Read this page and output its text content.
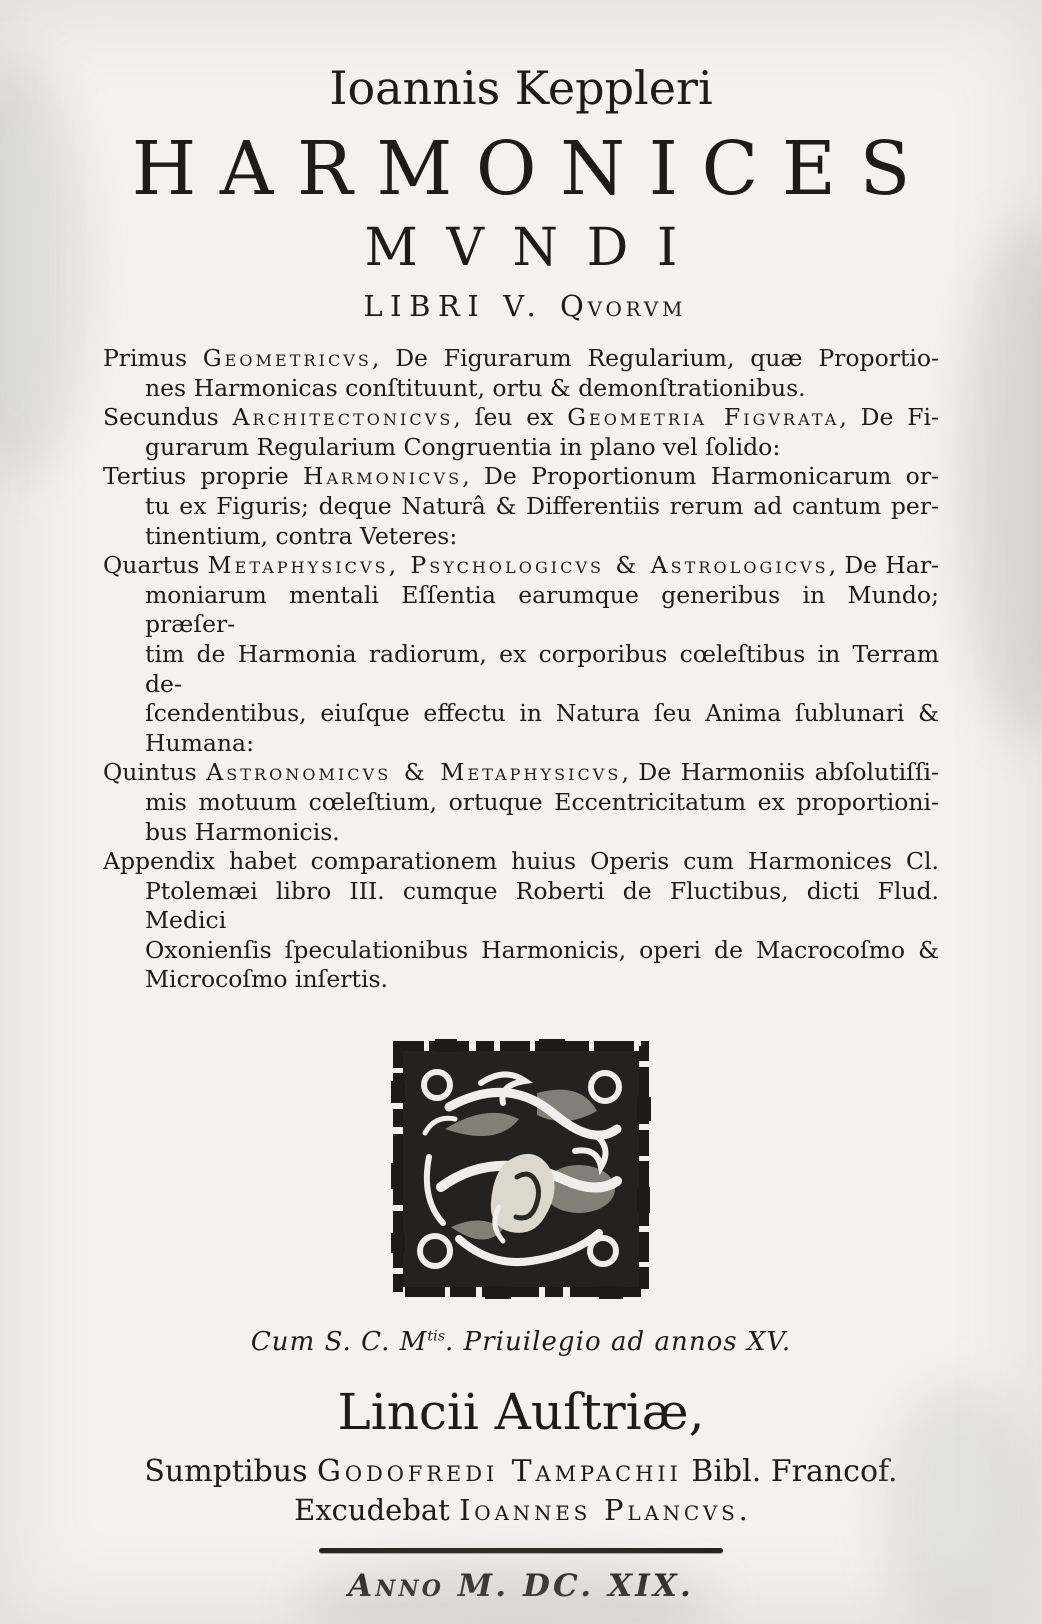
Ioannis Keppleri
HARMONICES
MVNDI
LIBRI V. Qvorvm
Primus Geometricvs, De Figurarum Regularium, quæ Proportio-
nes Harmonicas conſtituunt, ortu & demonſtrationibus.
Secundus Architectonicvs, ſeu ex Geometria Figvrata, De Fi-
gurarum Regularium Congruentia in plano vel ſolido:
Tertius proprie Harmonicvs, De Proportionum Harmonicarum or-
tu ex Figuris; deque Naturâ & Differentiis rerum ad cantum per-
tinentium, contra Veteres:
Quartus Metaphysicvs, Psychologicvs & Astrologicvs, De Har-
moniarum mentali Eſſentia earumque generibus in Mundo; præſer-
tim de Harmonia radiorum, ex corporibus cœleſtibus in Terram de-
ſcendentibus, eiuſque effectu in Natura ſeu Anima ſublunari &
Humana:
Quintus Astronomicvs & Metaphysicvs, De Harmoniis abſolutiſſi-
mis motuum cœleſtium, ortuque Eccentricitatum ex proportioni-
bus Harmonicis.
Appendix habet comparationem huius Operis cum Harmonices Cl.
Ptolemæi libro III. cumque Roberti de Fluctibus, dicti Flud. Medici
Oxonienſis ſpeculationibus Harmonicis, operi de Macrocoſmo &
Microcoſmo inſertis.
Cum S. C. $M^{tis}$. Priuilegio ad annos XV.
Lincii Auſtriæ,
Sumptibus Godofredi Tampachii Bibl. Francof.
Excudebat Ioannes Plancvs.
Anno M. DC. XIX.
